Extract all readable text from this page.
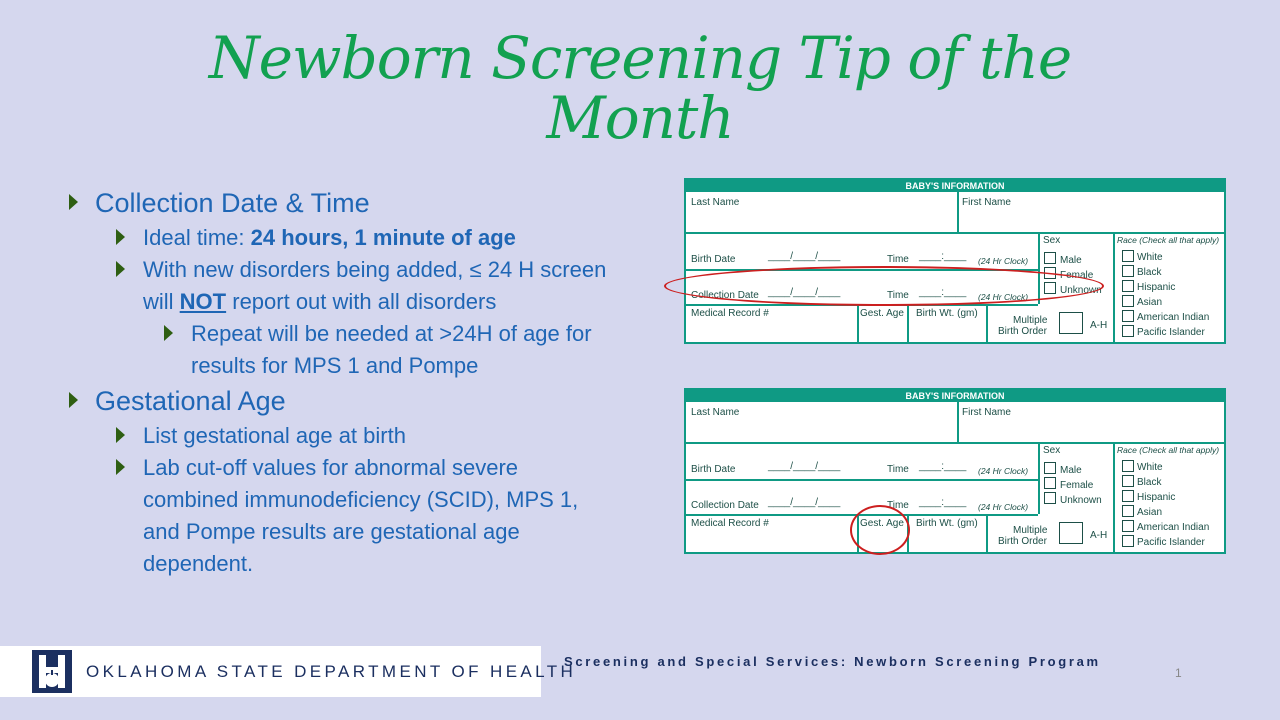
Newborn Screening Tip of the
Month
Collection Date & Time
Ideal time: 24 hours, 1 minute of age
With new disorders being added, ≤ 24 H screen
will NOT report out with all disorders
Repeat will be needed at >24H of age for
results for MPS 1 and Pompe
Gestational Age
List gestational age at birth
Lab cut-off values for abnormal severe
combined immunodeficiency (SCID), MPS 1,
and Pompe results are gestational age
dependent.
BABY'S INFORMATION
Last Name	First Name
Birth Date	____/____/____	Time ____:____ (24 Hr Clock)
Collection Date ____/____/____	Time ____:____ (24 Hr Clock)
Sex
Male
Female
Unknown
Race (Check all that apply)
White
Black
Hispanic
Asian
American Indian
Pacific Islander
Medical Record #	Gest. Age Birth Wt. (gm)
Multiple
Birth Order
A-H
BABY'S INFORMATION
Last Name	First Name
Birth Date	____/____/____	Time ____:____ (24 Hr Clock)
Collection Date ____/____/____	Time ____:____ (24 Hr Clock)
Sex
Male
Female
Unknown
Race (Check all that apply)
White
Black
Hispanic
Asian
American Indian
Pacific Islander
Medical Record #	Gest. Age Birth Wt. (gm)
Multiple
Birth Order
A-H
OKLAHOMA STATE DEPARTMENT OF HEALTH
Screening and Special Services: Newborn Screening Program
1
